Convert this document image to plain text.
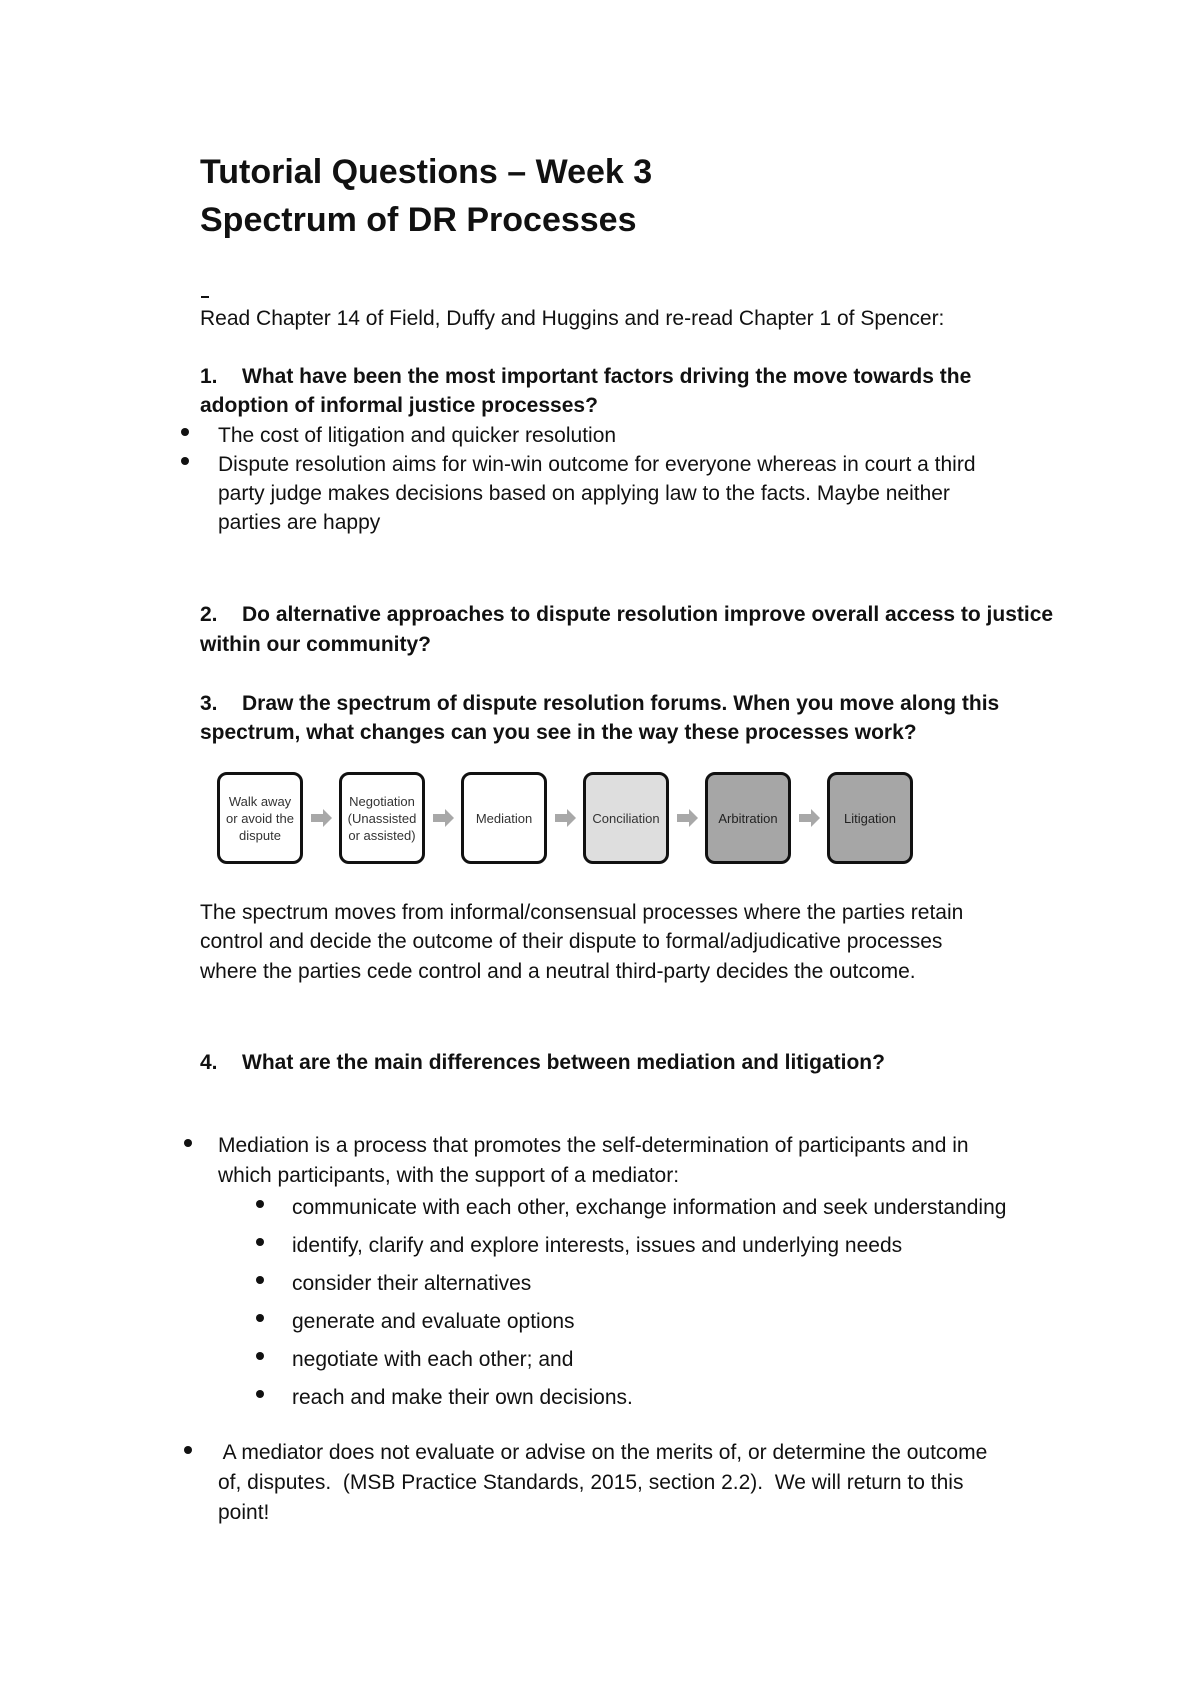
Tutorial Questions – Week 3
Spectrum of DR Processes
Read Chapter 14 of Field, Duffy and Huggins and re-read Chapter 1 of Spencer:
1. What have been the most important factors driving the move towards the
adoption of informal justice processes?
The cost of litigation and quicker resolution
Dispute resolution aims for win-win outcome for everyone whereas in court a third
party judge makes decisions based on applying law to the facts. Maybe neither
parties are happy
2. Do alternative approaches to dispute resolution improve overall access to justice
within our community?
3. Draw the spectrum of dispute resolution forums. When you move along this
spectrum, what changes can you see in the way these processes work?
Walk away or avoid the dispute
Negotiation (Unassisted or assisted)
Mediation	Conciliation	Arbitration	Litigation
The spectrum moves from informal/consensual processes where the parties retain
control and decide the outcome of their dispute to formal/adjudicative processes
where the parties cede control and a neutral third-party decides the outcome.
4. What are the main differences between mediation and litigation?
Mediation is a process that promotes the self-determination of participants and in
which participants, with the support of a mediator:
communicate with each other, exchange information and seek understanding
identify, clarify and explore interests, issues and underlying needs
consider their alternatives
generate and evaluate options
negotiate with each other; and
reach and make their own decisions.
A mediator does not evaluate or advise on the merits of, or determine the outcome
of, disputes.  (MSB Practice Standards, 2015, section 2.2).  We will return to this
point!
